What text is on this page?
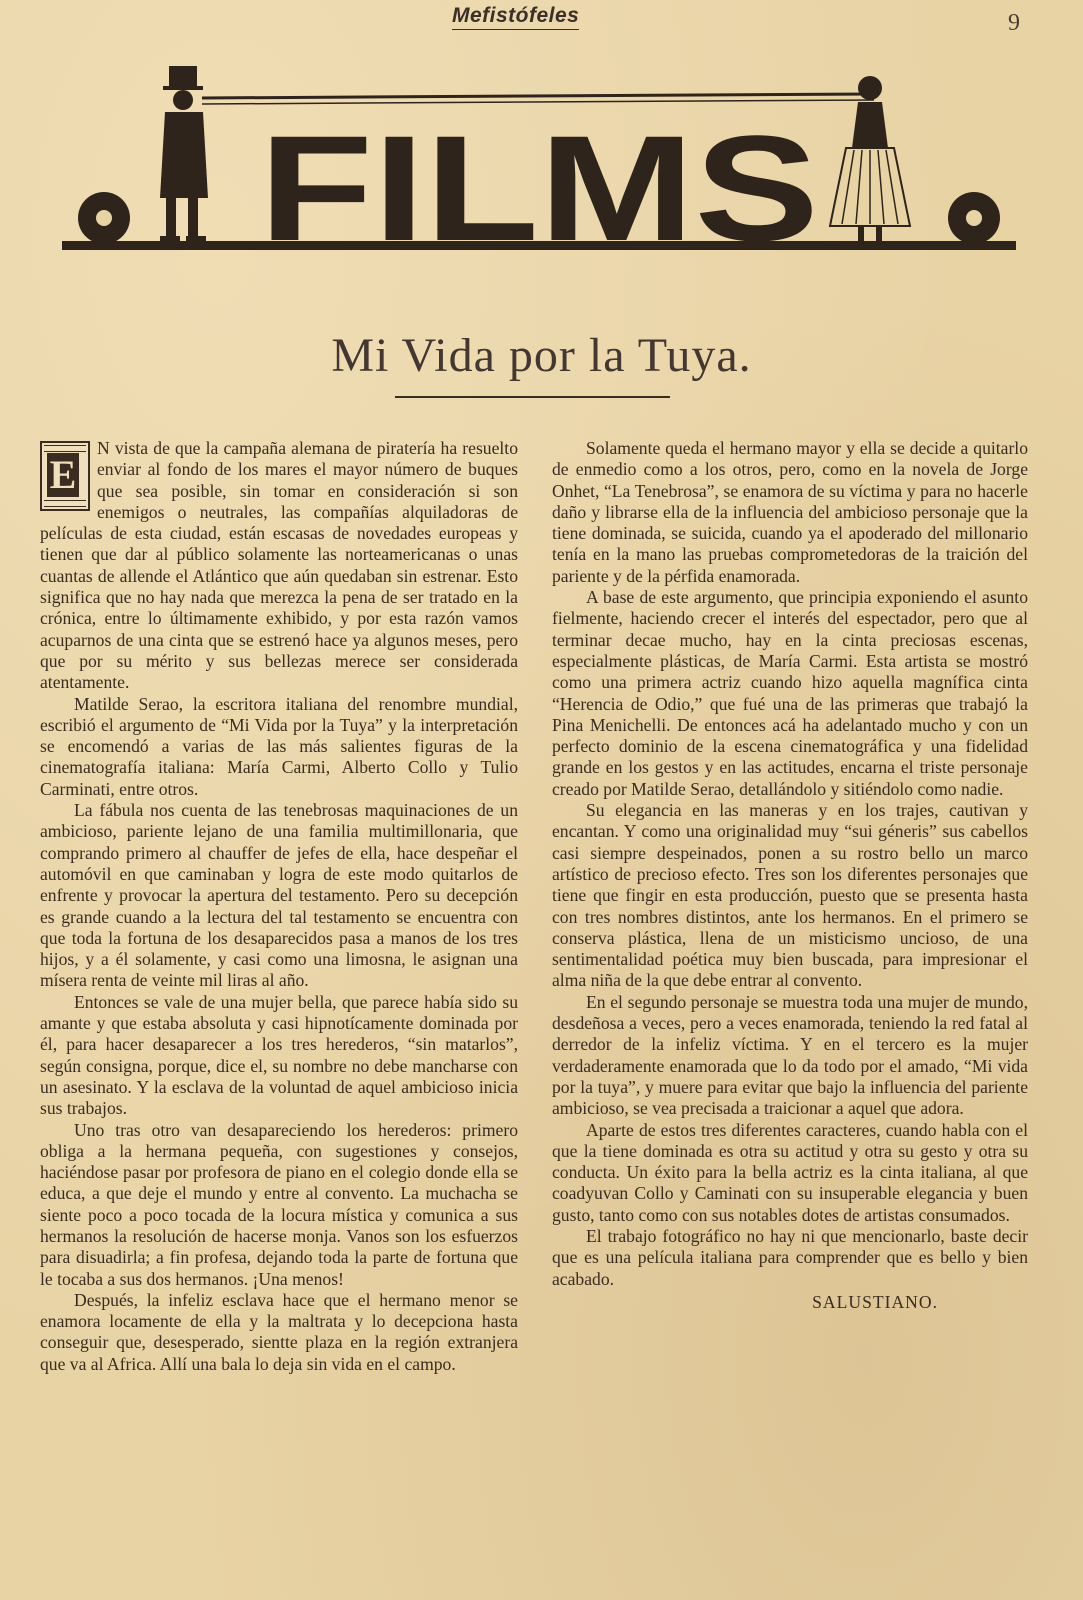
Mefistófeles	9
FILMS
Mi Vida por la Tuya.
E

N vista de que la campaña alemana de piratería ha resuelto enviar al fondo de los mares el mayor número de buques que sea posible, sin tomar en consideración si son enemigos o neutrales, las compañías alquiladoras de películas de esta ciudad, están escasas de novedades europeas y tienen que dar al público solamente las norteamericanas o unas cuantas de allende el Atlántico que aún quedaban sin estrenar. Esto significa que no hay nada que merezca la pena de ser tratado en la crónica, entre lo últimamente exhibido, y por esta razón vamos acuparnos de una cinta que se estrenó hace ya algunos meses, pero que por su mérito y sus bellezas merece ser considerada atentamente.

Matilde Serao, la escritora italiana del renombre mundial, escribió el argumento de “Mi Vida por la Tuya” y la interpretación se encomendó a varias de las más salientes figuras de la cinematografía italiana: María Carmi, Alberto Collo y Tulio Carminati, entre otros.

La fábula nos cuenta de las tenebrosas maquinaciones de un ambicioso, pariente lejano de una familia multimillonaria, que comprando primero al chauffer de jefes de ella, hace despeñar el automóvil en que caminaban y logra de este modo quitarlos de enfrente y provocar la apertura del testamento. Pero su decepción es grande cuando a la lectura del tal testamento se encuentra con que toda la fortuna de los desaparecidos pasa a manos de los tres hijos, y a él solamente, y casi como una limosna, le asignan una mísera renta de veinte mil liras al año.

Entonces se vale de una mujer bella, que parece había sido su amante y que estaba absoluta y casi hipnotícamente dominada por él, para hacer desaparecer a los tres herederos, “sin matarlos”, según consigna, porque, dice el, su nombre no debe mancharse con un asesinato. Y la esclava de la voluntad de aquel ambicioso inicia sus trabajos.

Uno tras otro van desapareciendo los herederos: primero obliga a la hermana pequeña, con sugestiones y consejos, haciéndose pasar por profesora de piano en el colegio donde ella se educa, a que deje el mundo y entre al convento. La muchacha se siente poco a poco tocada de la locura mística y comunica a sus hermanos la resolución de hacerse monja. Vanos son los esfuerzos para disuadirla; a fin profesa, dejando toda la parte de fortuna que le tocaba a sus dos hermanos. ¡Una menos!

Después, la infeliz esclava hace que el hermano menor se enamora locamente de ella y la maltrata y lo decepciona hasta conseguir que, desesperado, sientte plaza en la región extranjera que va al Africa. Allí una bala lo deja sin vida en el campo.

Solamente queda el hermano mayor y ella se decide a quitarlo de enmedio como a los otros, pero, como en la novela de Jorge Onhet, “La Tenebrosa”, se enamora de su víctima y para no hacerle daño y librarse ella de la influencia del ambicioso personaje que la tiene dominada, se suicida, cuando ya el apoderado del millonario tenía en la mano las pruebas comprometedoras de la traición del pariente y de la pérfida enamorada.

A base de este argumento, que principia exponiendo el asunto fielmente, haciendo crecer el interés del espectador, pero que al terminar decae mucho, hay en la cinta preciosas escenas, especialmente plásticas, de María Carmi. Esta artista se mostró como una primera actriz cuando hizo aquella magnífica cinta “Herencia de Odio,” que fué una de las primeras que trabajó la Pina Menichelli. De entonces acá ha adelantado mucho y con un perfecto dominio de la escena cinematográfica y una fidelidad grande en los gestos y en las actitudes, encarna el triste personaje creado por Matilde Serao, detallándolo y sitiéndolo como nadie.

Su elegancia en las maneras y en los trajes, cautivan y encantan. Y como una originalidad muy “sui géneris” sus cabellos casi siempre despeinados, ponen a su rostro bello un marco artístico de precioso efecto. Tres son los diferentes personajes que tiene que fingir en esta producción, puesto que se presenta hasta con tres nombres distintos, ante los hermanos. En el primero se conserva plástica, llena de un misticismo uncioso, de una sentimentalidad poética muy bien buscada, para impresionar el alma niña de la que debe entrar al convento.

En el segundo personaje se muestra toda una mujer de mundo, desdeñosa a veces, pero a veces enamorada, teniendo la red fatal al derredor de la infeliz víctima. Y en el tercero es la mujer verdaderamente enamorada que lo da todo por el amado, “Mi vida por la tuya”, y muere para evitar que bajo la influencia del pariente ambicioso, se vea precisada a traicionar a aquel que adora.

Aparte de estos tres diferentes caracteres, cuando habla con el que la tiene dominada es otra su actitud y otra su gesto y otra su conducta. Un éxito para la bella actriz es la cinta italiana, al que coadyuvan Collo y Caminati con su insuperable elegancia y buen gusto, tanto como con sus notables dotes de artistas consumados.

El trabajo fotográfico no hay ni que mencionarlo, baste decir que es una película italiana para comprender que es bello y bien acabado.

SALUSTIANO.
